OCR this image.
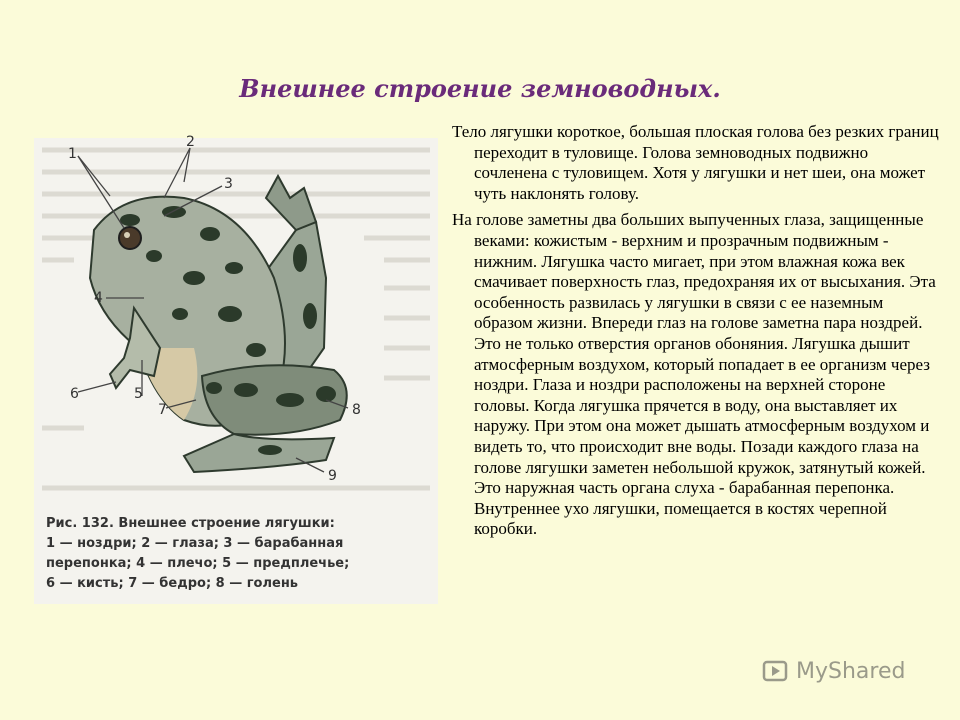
Внешнее строение земноводных.
1
2
3
4
5
6
7	8
9
Рис. 132. Внешнее строение лягушки:
1 — ноздри; 2 — глаза; 3 — барабанная
перепонка; 4 — плечо; 5 — предплечье;
6 — кисть; 7 — бедро; 8 — голень

Тело лягушки короткое, большая плоская голова без резких границ переходит в туловище. Голова земноводных подвижно сочленена с туловищем. Хотя у лягушки и нет шеи, она может чуть наклонять голову.

На голове заметны два больших выпученных глаза, защищенные веками: кожистым - верхним и прозрачным подвижным - нижним. Лягушка часто мигает, при этом влажная кожа век смачивает поверхность глаз, предохраняя их от высыхания. Эта особенность развилась у лягушки в связи с ее наземным образом жизни. Впереди глаз на голове заметна пара ноздрей. Это не только отверстия органов обоняния. Лягушка дышит атмосферным воздухом, который попадает в ее организм через ноздри. Глаза и ноздри расположены на верхней стороне головы. Когда лягушка прячется в воду, она выставляет их наружу. При этом она может дышать атмосферным воздухом и видеть то, что происходит вне воды. Позади каждого глаза на голове лягушки заметен небольшой кружок, затянутый кожей. Это наружная часть органа слуха - барабанная перепонка. Внутреннее ухо лягушки, помещается в костях черепной коробки.

MyShared
